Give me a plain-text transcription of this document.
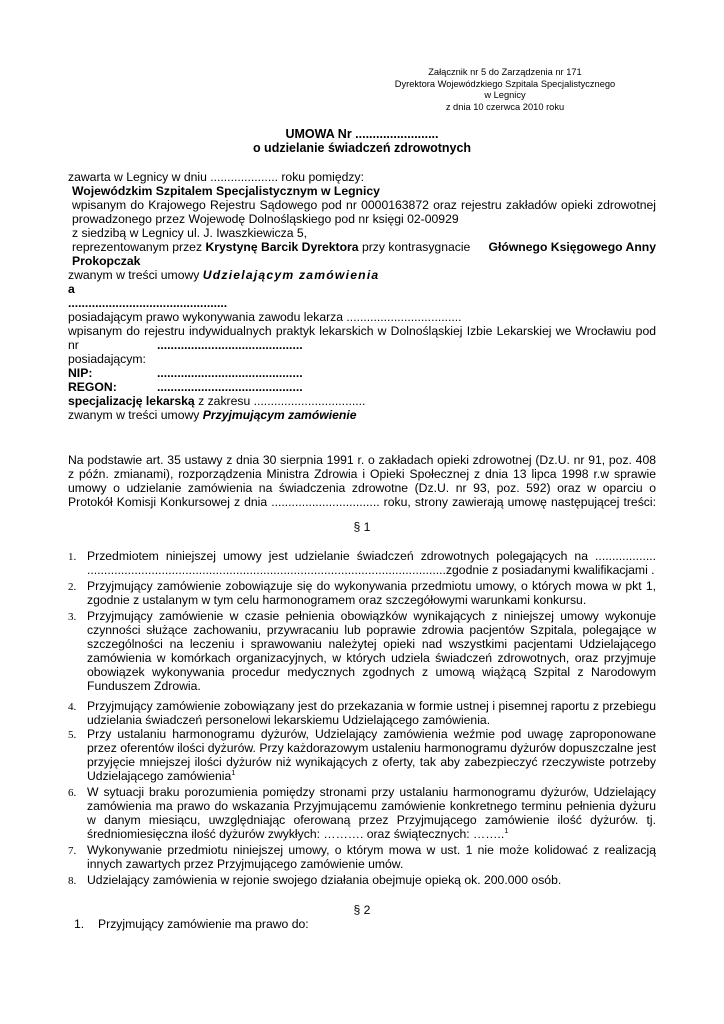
Załącznik nr 5 do Zarządzenia nr 171
Dyrektora Wojewódzkiego Szpitala Specjalistycznego
w Legnicy
z dnia 10 czerwca 2010 roku
UMOWA Nr ........................
o udzielanie świadczeń zdrowotnych
zawarta w Legnicy w dniu .................... roku pomiędzy:
Wojewódzkim Szpitalem Specjalistycznym w Legnicy
wpisanym do Krajowego Rejestru Sądowego pod nr 0000163872 oraz rejestru zakładów opieki zdrowotnej
prowadzonego przez Wojewodę Dolnośląskiego pod nr księgi 02-00929
z siedzibą w Legnicy ul. J. Iwaszkiewicza 5,
reprezentowanym przez Krystynę Barcik Dyrektora przy kontrasygnacie Głównego Księgowego Anny
Prokopczak
zwanym w treści umowy Udzielającym zamówienia
a
...............................................
posiadającym prawo wykonywania zawodu lekarza ..................................
wpisanym do rejestru indywidualnych praktyk lekarskich w Dolnośląskiej Izbie Lekarskiej we Wrocławiu pod
nr	...........................................
posiadającym:
NIP:	...........................................
REGON:	...........................................
specjalizację lekarską z zakresu .................................
zwanym w treści umowy Przyjmującym zamówienie
Na podstawie art. 35 ustawy z dnia 30 sierpnia 1991 r. o zakładach opieki zdrowotnej (Dz.U. nr 91, poz. 408
z późn. zmianami), rozporządzenia Ministra Zdrowia i Opieki Społecznej z dnia 13 lipca 1998 r.w sprawie
umowy o udzielanie zamówienia na świadczenia zdrowotne (Dz.U. nr 93, poz. 592) oraz w oparciu o
Protokół Komisji Konkursowej z dnia ................................ roku, strony zawierają umowę następującej treści:
§ 1
1. Przedmiotem niniejszej umowy jest udzielanie świadczeń zdrowotnych polegających na ..................
..........................................................................................................zgodnie z posiadanymi kwalifikacjami .
2. Przyjmujący zamówienie zobowiązuje się do wykonywania przedmiotu umowy, o których mowa w pkt 1,
zgodnie z ustalanym w tym celu harmonogramem oraz szczegółowymi warunkami konkursu.
3. Przyjmujący zamówienie w czasie pełnienia obowiązków wynikających z niniejszej umowy wykonuje
czynności służące zachowaniu, przywracaniu lub poprawie zdrowia pacjentów Szpitala, polegające w
szczególności na leczeniu i sprawowaniu należytej opieki nad wszystkimi pacjentami Udzielającego
zamówienia w komórkach organizacyjnych, w których udziela świadczeń zdrowotnych, oraz przyjmuje
obowiązek wykonywania procedur medycznych zgodnych z umową wiążącą Szpital z Narodowym
Funduszem Zdrowia.
4. Przyjmujący zamówienie zobowiązany jest do przekazania w formie ustnej i pisemnej raportu z przebiegu
udzielania świadczeń personelowi lekarskiemu Udzielającego zamówienia.
5. Przy ustalaniu harmonogramu dyżurów, Udzielający zamówienia weźmie pod uwagę zaproponowane
przez oferentów ilości dyżurów. Przy każdorazowym ustaleniu harmonogramu dyżurów dopuszczalne jest
przyjęcie mniejszej ilości dyżurów niż wynikających z oferty, tak aby zabezpieczyć rzeczywiste potrzeby
Udzielającego zamówienia$^1$
6. W sytuacji braku porozumienia pomiędzy stronami przy ustalaniu harmonogramu dyżurów, Udzielający
zamówienia ma prawo do wskazania Przyjmującemu zamówienie konkretnego terminu pełnienia dyżuru
w danym miesiącu, uwzględniając oferowaną przez Przyjmującego zamówienie ilość dyżurów. tj.
średniomiesięczna ilość dyżurów zwykłych: ………. oraz świątecznych: ……..$^1$
7. Wykonywanie przedmiotu niniejszej umowy, o którym mowa w ust. 1 nie może kolidować z realizacją
innych zawartych przez Przyjmującego zamówienie umów.
8. Udzielający zamówienia w rejonie swojego działania obejmuje opieką ok. 200.000 osób.
§ 2
1. Przyjmujący zamówienie ma prawo do:
